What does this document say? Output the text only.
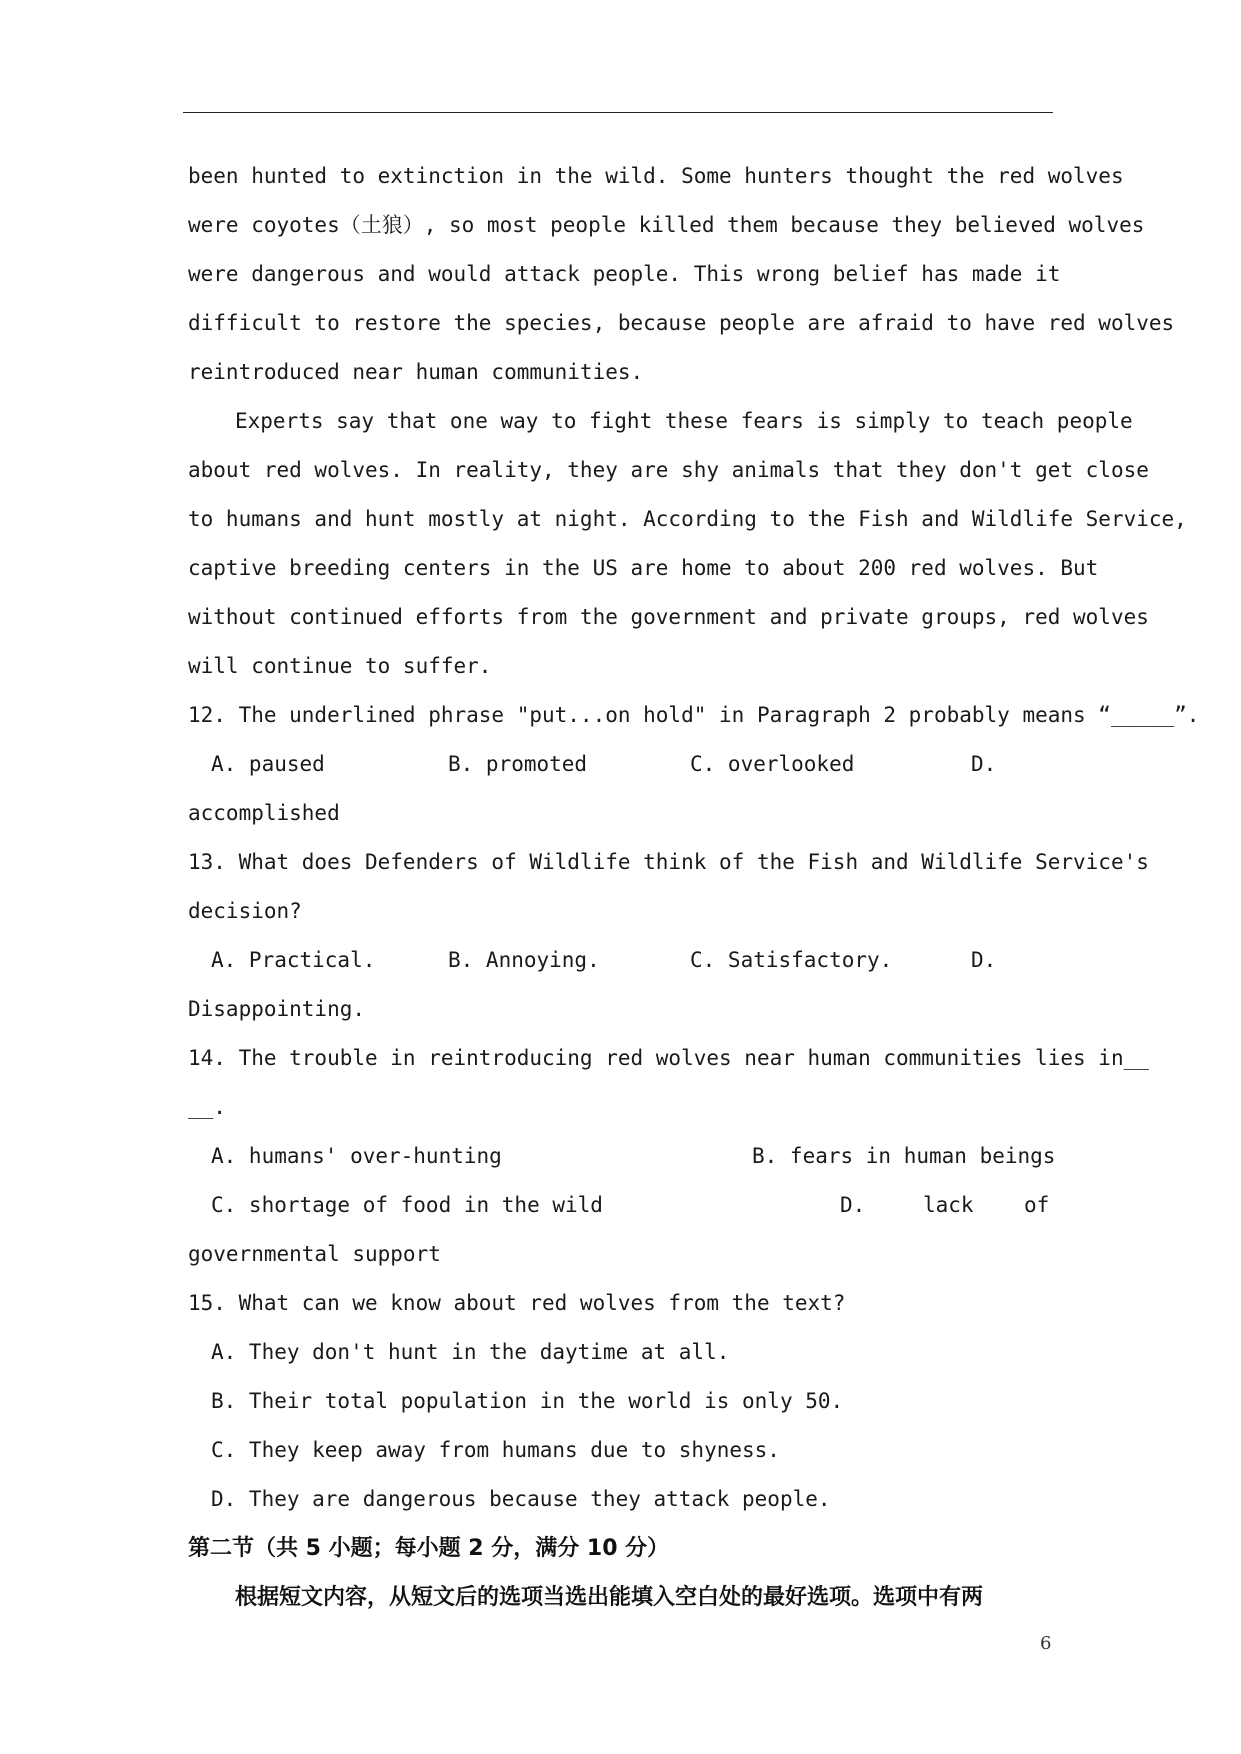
been hunted to extinction in the wild. Some hunters thought the red wolves
were coyotes（土狼）, so most people killed them because they believed wolves
were dangerous and would attack people. This wrong belief has made it
difficult to restore the species, because people are afraid to have red wolves
reintroduced near human communities.
Experts say that one way to fight these fears is simply to teach people
about red wolves. In reality, they are shy animals that they don't get close
to humans and hunt mostly at night. According to the Fish and Wildlife Service,
captive breeding centers in the US are home to about 200 red wolves. But
without continued efforts from the government and private groups, red wolves
will continue to suffer.
12. The underlined phrase "put...on hold" in Paragraph 2 probably means “_____”.
A. paused	B. promoted	C. overlooked	D.
accomplished
13. What does Defenders of Wildlife think of the Fish and Wildlife Service's
decision?
A. Practical.	B. Annoying.	C. Satisfactory.	D.
Disappointing.
14. The trouble in reintroducing red wolves near human communities lies in__
__.
A. humans' over-hunting	B. fears in human beings
C. shortage of food in the wild	D.	lack of
governmental support
15. What can we know about red wolves from the text?
A. They don't hunt in the daytime at all.
B. Their total population in the world is only 50.
C. They keep away from humans due to shyness.
D. They are dangerous because they attack people.
第二节（共 5 小题；每小题 2 分，满分 10 分）
根据短文内容，从短文后的选项当选出能填入空白处的最好选项。选项中有两
6
